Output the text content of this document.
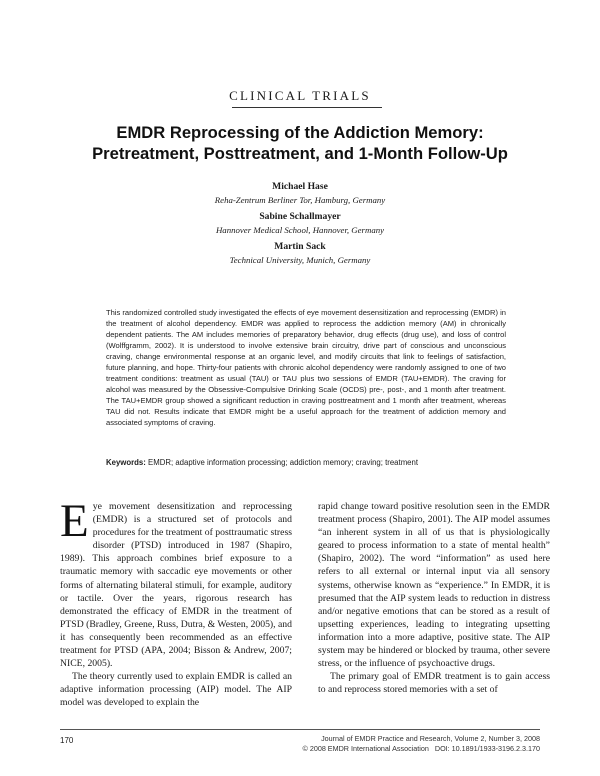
CLINICAL TRIALS
EMDR Reprocessing of the Addiction Memory:
Pretreatment, Posttreatment, and 1-Month Follow-Up
Michael Hase
Reha-Zentrum Berliner Tor, Hamburg, Germany
Sabine Schallmayer
Hannover Medical School, Hannover, Germany
Martin Sack
Technical University, Munich, Germany
This randomized controlled study investigated the effects of eye movement desensitization and reprocessing (EMDR) in the treatment of alcohol dependency. EMDR was applied to reprocess the addiction memory (AM) in chronically dependent patients. The AM includes memories of preparatory behavior, drug effects (drug use), and loss of control (Wolffgramm, 2002). It is understood to involve extensive brain circuitry, drive part of conscious and unconscious craving, change environmental response at an organic level, and modify circuits that link to feelings of satisfaction, future planning, and hope. Thirty-four patients with chronic alcohol dependency were randomly assigned to one of two treatment conditions: treatment as usual (TAU) or TAU plus two sessions of EMDR (TAU+EMDR). The craving for alcohol was measured by the Obsessive-Compulsive Drinking Scale (OCDS) pre-, post-, and 1 month after treatment. The TAU+EMDR group showed a significant reduction in craving posttreatment and 1 month after treatment, whereas TAU did not. Results indicate that EMDR might be a useful approach for the treatment of addiction memory and associated symptoms of craving.
Keywords: EMDR; adaptive information processing; addiction memory; craving; treatment

Eye movement desensitization and reprocessing (EMDR) is a structured set of protocols and procedures for the treatment of posttraumatic stress disorder (PTSD) introduced in 1987 (Shapiro, 1989). This approach combines brief exposure to a traumatic memory with saccadic eye movements or other forms of alternating bilateral stimuli, for example, auditory or tactile. Over the years, rigorous research has demonstrated the efficacy of EMDR in the treatment of PTSD (Bradley, Greene, Russ, Dutra, & Westen, 2005), and it has consequently been recommended as an effective treatment for PTSD (APA, 2004; Bisson & Andrew, 2007; NICE, 2005).

The theory currently used to explain EMDR is called an adaptive information processing (AIP) model. The AIP model was developed to explain the

rapid change toward positive resolution seen in the EMDR treatment process (Shapiro, 2001). The AIP model assumes “an inherent system in all of us that is physiologically geared to process information to a state of mental health” (Shapiro, 2002). The word “information” as used here refers to all external or internal input via all sensory systems, otherwise known as “experience.” In EMDR, it is presumed that the AIP system leads to reduction in distress and/or negative emotions that can be stored as a result of upsetting experiences, leading to integrating upsetting information into a more adaptive, positive state. The AIP system may be hindered or blocked by trauma, other severe stress, or the influence of psychoactive drugs.

The primary goal of EMDR treatment is to gain access to and reprocess stored memories with a set of

170	Journal of EMDR Practice and Research, Volume 2, Number 3, 2008
© 2008 EMDR International Association DOI: 10.1891/1933-3196.2.3.170
